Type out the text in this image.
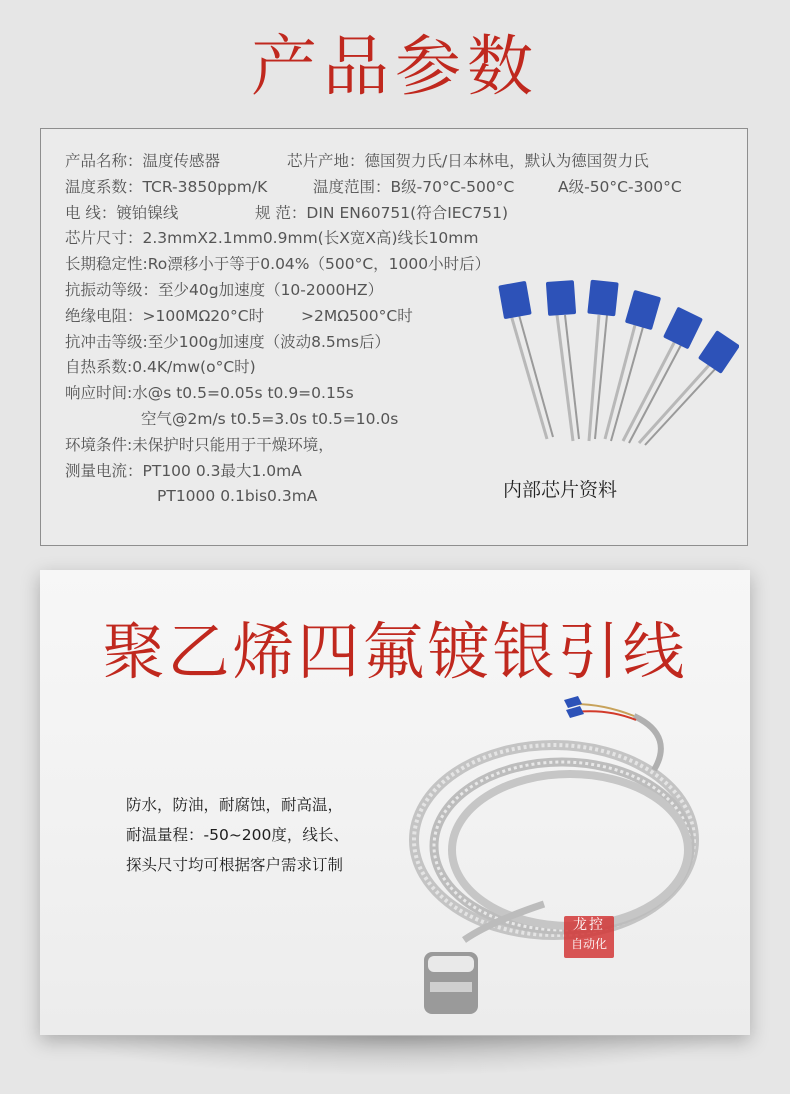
产品参数
产品名称：温度传感器	芯片产地：德国贺力氏/日本林电，默认为德国贺力氏
温度系数：TCR-3850ppm/K	温度范围：B级-70°C-500°C	A级-50°C-300°C
电 线：镀铂镍线	规 范：DIN EN60751(符合IEC751)
芯片尺寸：2.3mmX2.1mm0.9mm(长X宽X高)线长10mm
长期稳定性:Ro漂移小于等于0.04%（500°C，1000小时后）
抗振动等级：至少40g加速度（10-2000HZ）
绝缘电阻：>100MΩ20°C时 >2MΩ500°C时
抗冲击等级:至少100g加速度（波动8.5ms后）
自热系数:0.4K/mw(o°C时)
响应时间:水@s t0.5=0.05s t0.9=0.15s
空气@2m/s t0.5=3.0s t0.5=10.0s
环境条件:未保护时只能用于干燥环境，
测量电流：PT100 0.3最大1.0mA
PT1000 0.1bis0.3mA	内部芯片资料
聚乙烯四氟镀银引线
防水，防油，耐腐蚀，耐高温，
耐温量程：-50~200度，线长、
探头尺寸均可根据客户需求订制
龙控
自动化
